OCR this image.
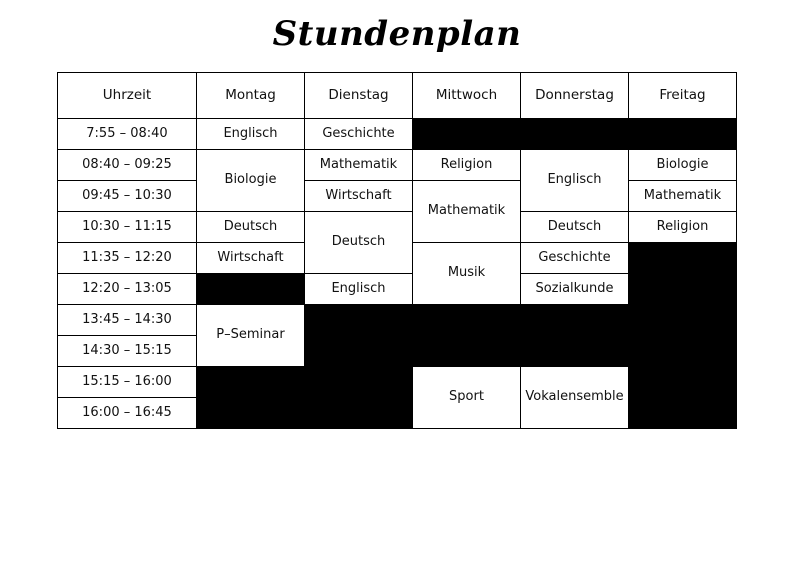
Stundenplan
Uhrzeit	Montag	Dienstag	Mittwoch	Donnerstag	Freitag
7:55 – 08:40	Englisch	Geschichte			
08:40 – 09:25	Biologie	Mathematik	Religion	Englisch	Biologie
09:45 – 10:30		Wirtschaft	Mathematik		Mathematik
10:30 – 11:15	Deutsch	Deutsch		Deutsch	Religion
11:35 – 12:20	Wirtschaft		Musik	Geschichte	
12:20 – 13:05		Englisch		Sozialkunde	
13:45 – 14:30	P–Seminar				
14:30 – 15:15					
15:15 – 16:00			Sport	Vokalensemble	
16:00 – 16:45					
